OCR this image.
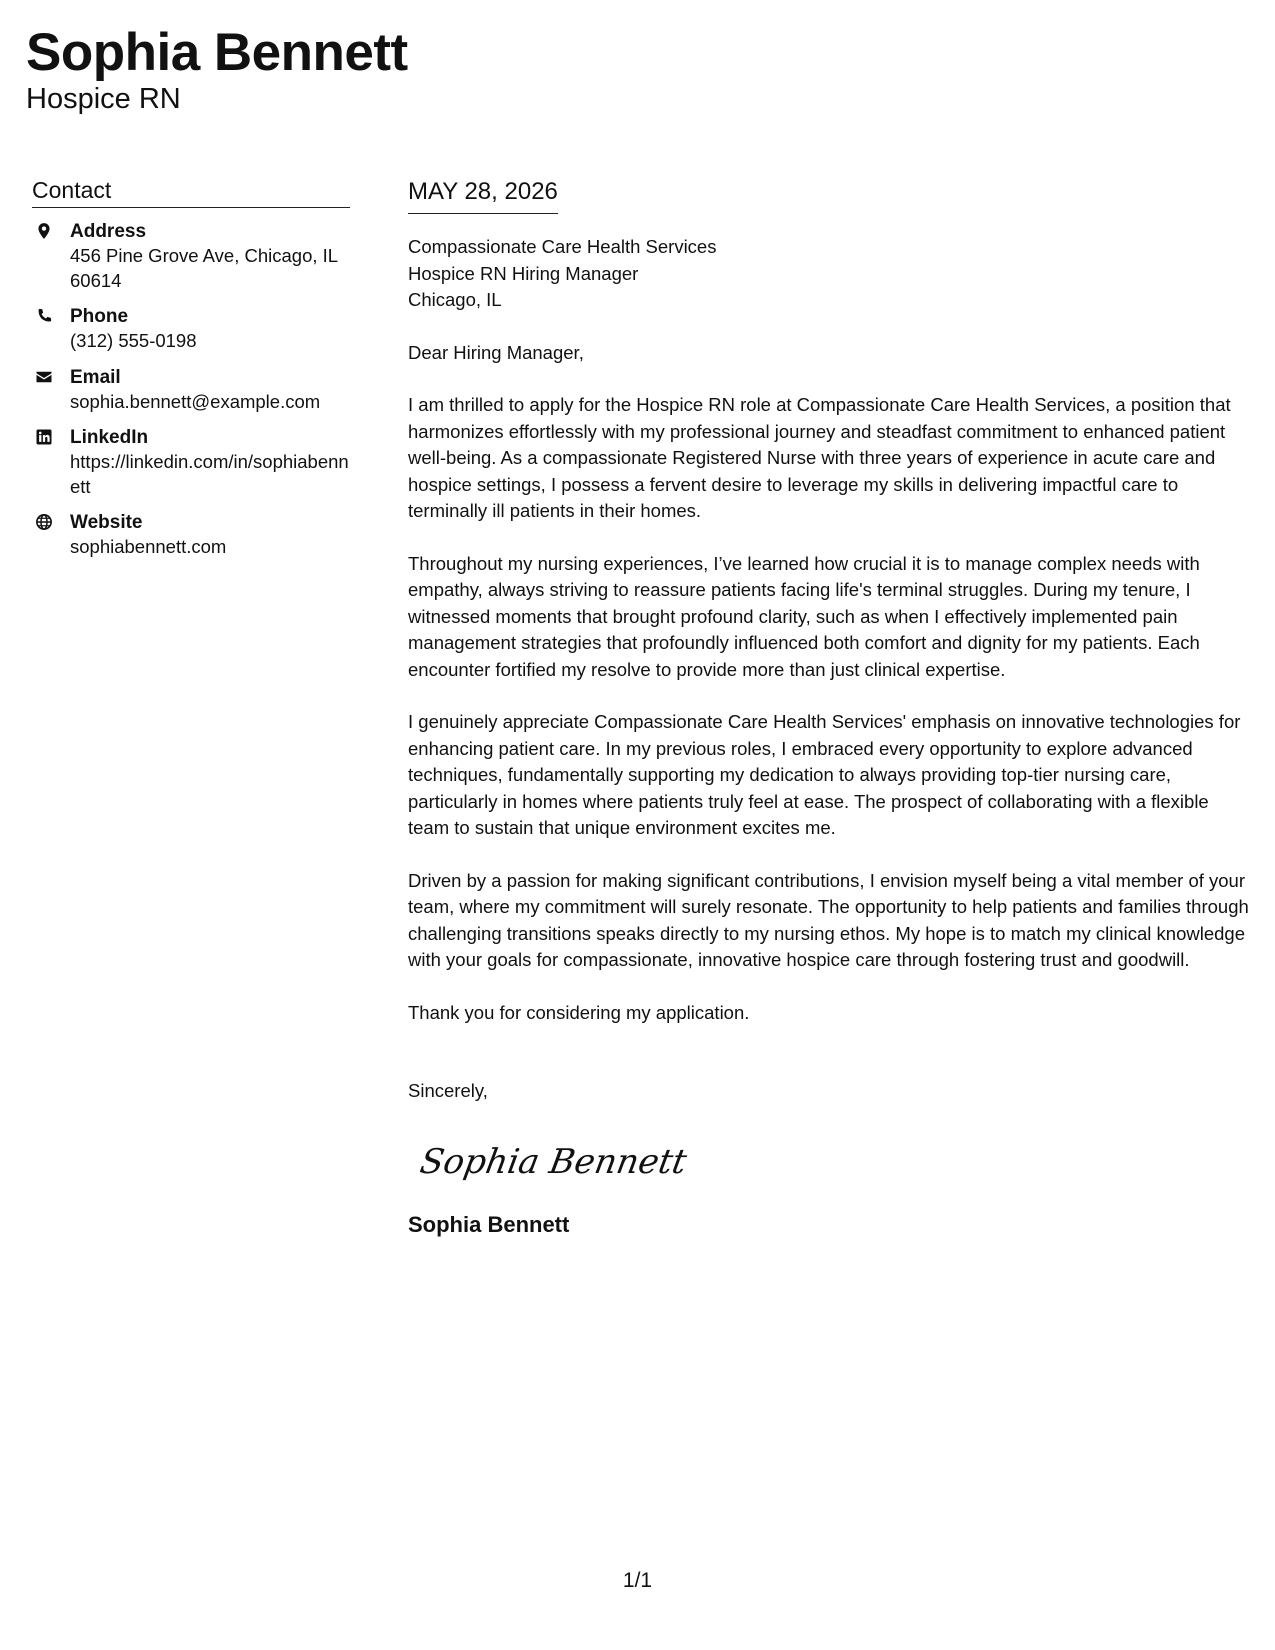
Sophia Bennett
Hospice RN
Contact
Address
456 Pine Grove Ave, Chicago, IL 60614
Phone
(312) 555-0198
Email
sophia.bennett@example.com
LinkedIn
https://linkedin.com/in/sophiabennett
Website
sophiabennett.com
MAY 28, 2026
Compassionate Care Health Services
Hospice RN Hiring Manager
Chicago, IL

Dear Hiring Manager,

I am thrilled to apply for the Hospice RN role at Compassionate Care Health Services, a position that harmonizes effortlessly with my professional journey and steadfast commitment to enhanced patient well-being. As a compassionate Registered Nurse with three years of experience in acute care and hospice settings, I possess a fervent desire to leverage my skills in delivering impactful care to terminally ill patients in their homes.

Throughout my nursing experiences, I’ve learned how crucial it is to manage complex needs with empathy, always striving to reassure patients facing life's terminal struggles. During my tenure, I witnessed moments that brought profound clarity, such as when I effectively implemented pain management strategies that profoundly influenced both comfort and dignity for my patients. Each encounter fortified my resolve to provide more than just clinical expertise.

I genuinely appreciate Compassionate Care Health Services' emphasis on innovative technologies for enhancing patient care. In my previous roles, I embraced every opportunity to explore advanced techniques, fundamentally supporting my dedication to always providing top-tier nursing care, particularly in homes where patients truly feel at ease. The prospect of collaborating with a flexible team to sustain that unique environment excites me.

Driven by a passion for making significant contributions, I envision myself being a vital member of your team, where my commitment will surely resonate. The opportunity to help patients and families through challenging transitions speaks directly to my nursing ethos. My hope is to match my clinical knowledge with your goals for compassionate, innovative hospice care through fostering trust and goodwill.

Thank you for considering my application.

Sincerely,

Sophia Bennett
Sophia Bennett
1/1
